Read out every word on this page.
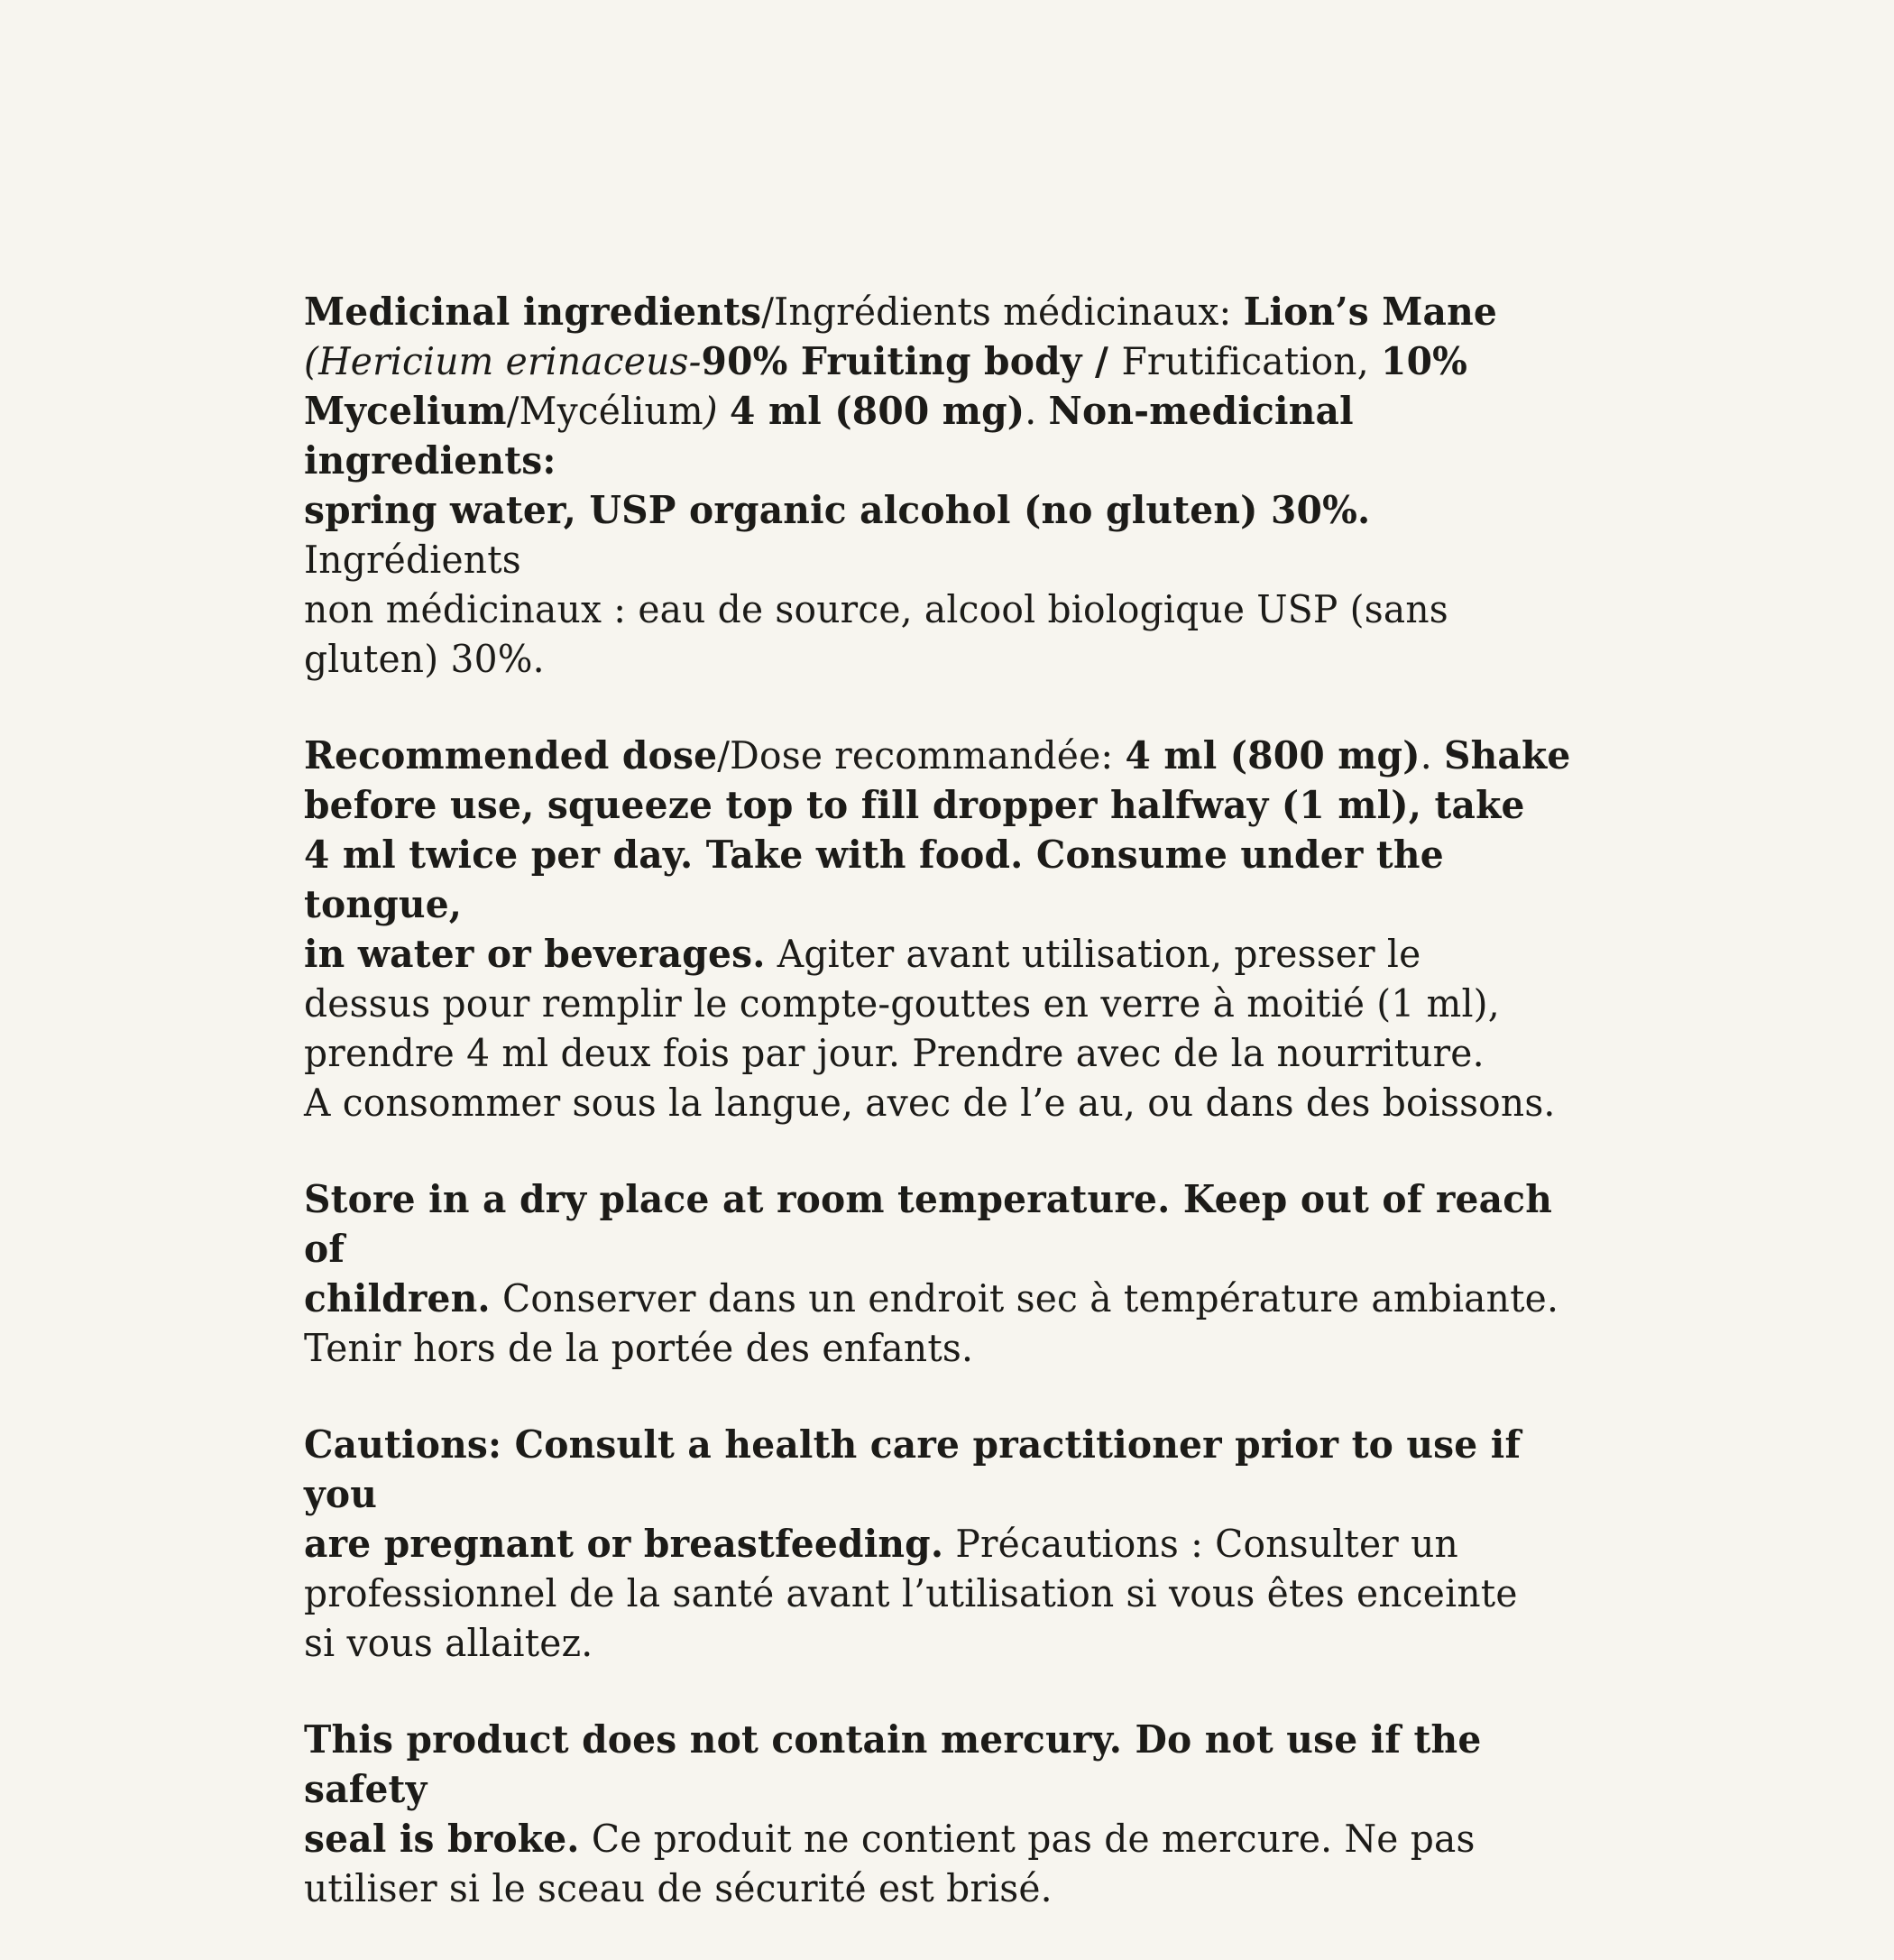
Medicinal ingredients/Ingrédients médicinaux: Lion’s Mane
(Hericium erinaceus-90% Fruiting body / Frutification, 10%
Mycelium/Mycélium) 4 ml (800 mg). Non-medicinal ingredients:
spring water, USP organic alcohol (no gluten) 30%. Ingrédients
non médicinaux : eau de source, alcool biologique USP (sans
gluten) 30%.

Recommended dose/Dose recommandée: 4 ml (800 mg). Shake
before use, squeeze top to fill dropper halfway (1 ml), take
4 ml twice per day. Take with food. Consume under the tongue,
in water or beverages. Agiter avant utilisation, presser le
dessus pour remplir le compte-gouttes en verre à moitié (1 ml),
prendre 4 ml deux fois par jour. Prendre avec de la nourriture.
A consommer sous la langue, avec de l’e au, ou dans des boissons.

Store in a dry place at room temperature. Keep out of reach of
children. Conserver dans un endroit sec à température ambiante.
Tenir hors de la portée des enfants.

Cautions: Consult a health care practitioner prior to use if you
are pregnant or breastfeeding. Précautions : Consulter un
professionnel de la santé avant l’utilisation si vous êtes enceinte
si vous allaitez.

This product does not contain mercury. Do not use if the safety
seal is broke. Ce produit ne contient pas de mercure. Ne pas
utiliser si le sceau de sécurité est brisé.
